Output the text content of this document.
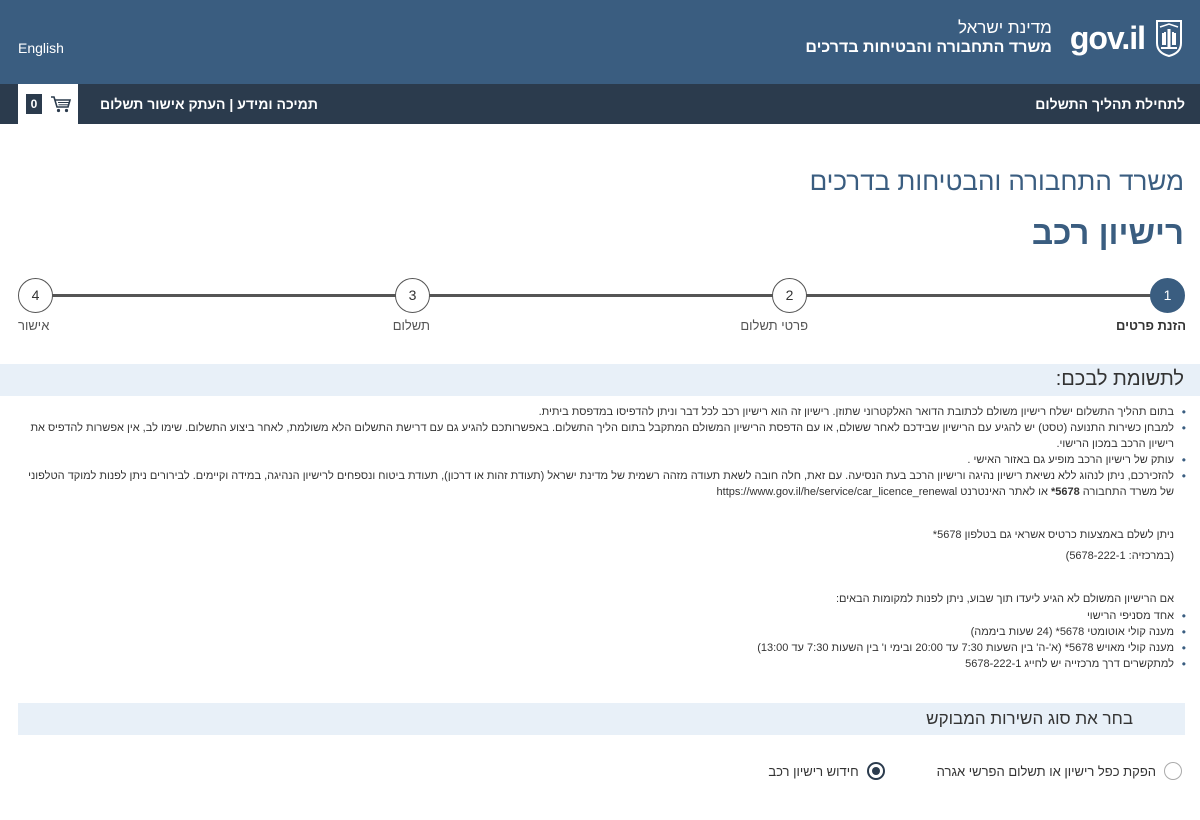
English
מדינת ישראל
משרד התחבורה והבטיחות בדרכים gov.il
0	תמיכה ומידע | העתק אישור תשלום	לתחילת תהליך התשלום
משרד התחבורה והבטיחות בדרכים
רישיון רכב
1
הזנת פרטים
2
פרטי תשלום
3
תשלום
4
אישור
לתשומת לבכם:
• בתום תהליך התשלום ישלח רישיון משולם לכתובת הדואר האלקטרוני שתוזן. רישיון זה הוא רישיון רכב לכל דבר וניתן להדפיסו במדפסת ביתית.
• למבחן כשירות התנועה (טסט) יש להגיע עם הרישיון שבידכם לאחר ששולם, או עם הדפסת הרישיון המשולם המתקבל בתום הליך התשלום. באפשרותכם להגיע גם עם דרישת התשלום הלא משולמת, לאחר ביצוע התשלום. שימו לב, אין אפשרות להדפיס את רישיון הרכב במכון הרישוי.
• עותק של רישיון הרכב מופיע גם באזור האישי .
• להזכירכם, ניתן לנהוג ללא נשיאת רישיון נהיגה ורישיון הרכב בעת הנסיעה. עם זאת, חלה חובה לשאת תעודה מזהה רשמית של מדינת ישראל (תעודת זהות או דרכון), תעודת ביטוח ונספחים לרישיון הנהיגה, במידה וקיימים. לבירורים ניתן לפנות למוקד הטלפוני

של משרד התחבורה 5678* או לאתר האינטרנט https://www.gov.il/he/service/car_licence_renewal

ניתן לשלם באמצעות כרטיס אשראי גם בטלפון 5678*

(במרכזיה: 5678-222-1)

אם הרישיון המשולם לא הגיע ליעדו תוך שבוע, ניתן לפנות למקומות הבאים:

• אחד מסניפי הרישוי
• מענה קולי אוטומטי 5678* (24 שעות ביממה)
• מענה קולי מאויש 5678* (א'-ה' בין השעות 7:30 עד 20:00 ובימי ו' בין השעות 7:30 עד 13:00)
• למתקשרים דרך מרכזייה יש לחייג 5678-222-1
בחר את סוג השירות המבוקש
חידוש רישיון רכב	הפקת כפל רישיון או תשלום הפרשי אגרה
